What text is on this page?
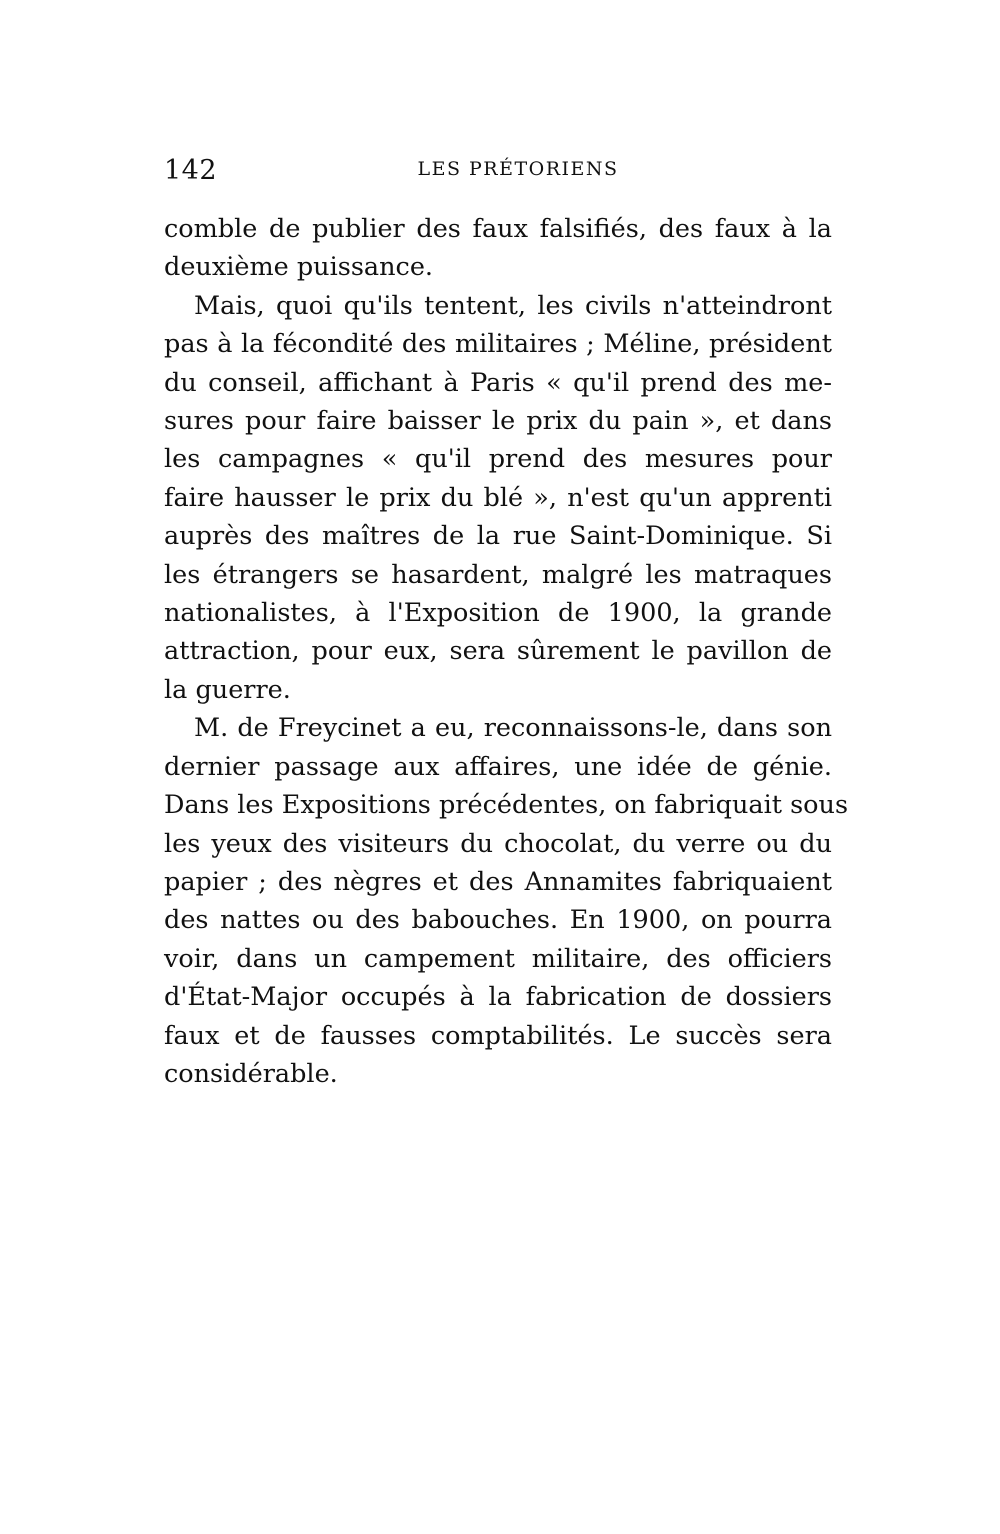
142	LES PRÉTORIENS

comble de publier des faux falsifiés, des faux à la
deuxième puissance.

Mais, quoi qu'ils tentent, les civils n'atteindront
pas à la fécondité des militaires ; Méline, président
du conseil, affichant à Paris « qu'il prend des me-
sures pour faire baisser le prix du pain », et dans
les campagnes « qu'il prend des mesures pour
faire hausser le prix du blé », n'est qu'un apprenti
auprès des maîtres de la rue Saint-Dominique. Si
les étrangers se hasardent, malgré les matraques
nationalistes, à l'Exposition de 1900, la grande
attraction, pour eux, sera sûrement le pavillon de
la guerre.

M. de Freycinet a eu, reconnaissons-le, dans son
dernier passage aux affaires, une idée de génie.
Dans les Expositions précédentes, on fabriquait sous
les yeux des visiteurs du chocolat, du verre ou du
papier ; des nègres et des Annamites fabriquaient
des nattes ou des babouches. En 1900, on pourra
voir, dans un campement militaire, des officiers
d'État-Major occupés à la fabrication de dossiers
faux et de fausses comptabilités. Le succès sera
considérable.
